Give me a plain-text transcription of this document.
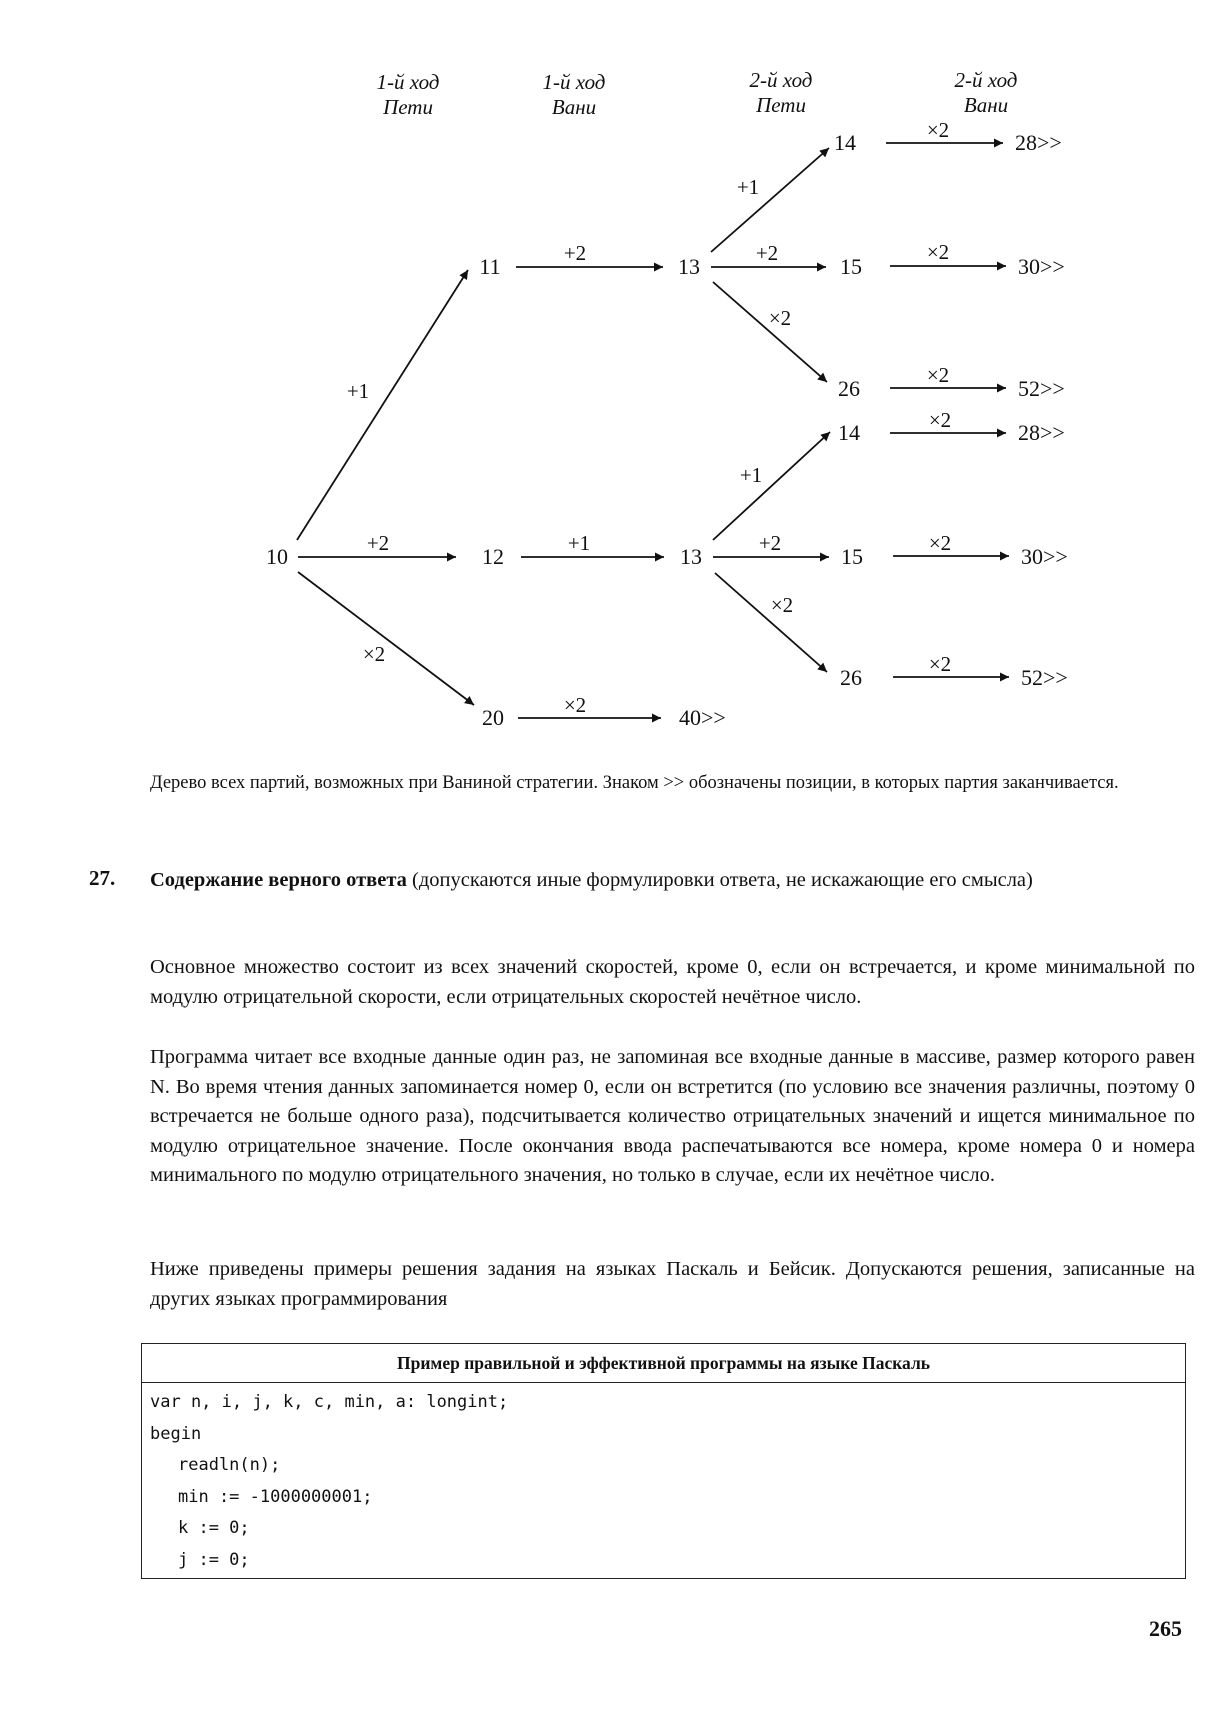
1-й ход
Пети
1-й ход
Вани
2-й ход
Пети
2-й ход
Вани
+1
+2
×2
+2
+1
×2
+1
+2
×2
+1
+2
×2
×2
×2
×2
×2
×2
×2
10
11
12
20
13
13
40>>
14
15
26
14
15
26
28>>
30>>
52>>
28>>
30>>
52>>
Дерево всех партий, возможных при Ваниной стратегии. Знаком >> обозначены позиции, в которых партия заканчивается.
27. Содержание верного ответа (допускаются иные формулировки ответа, не искажающие его смысла)
Основное множество состоит из всех значений скоростей, кроме 0, если он встречается, и кроме минимальной по модулю отрицательной скорости, если отрицательных скоростей нечётное число.
Программа читает все входные данные один раз, не запоминая все входные данные в массиве, размер которого равен N. Во время чтения данных запоминается номер 0, если он встретится (по условию все значения различны, поэтому 0 встречается не больше одного раза), подсчитывается количество отрицательных значений и ищется минимальное по модулю отрицательное значение. После окончания ввода распечатываются все номера, кроме номера 0 и номера минимального по модулю отрицательного значения, но только в случае, если их нечётное число.
Ниже приведены примеры решения задания на языках Паскаль и Бейсик. Допускаются решения, записанные на других языках программирования
Пример правильной и эффективной программы на языке Паскаль
var n, i, j, k, c, min, a: longint;
begin
readln(n);
min := -1000000001;
k := 0;
j := 0;
265
